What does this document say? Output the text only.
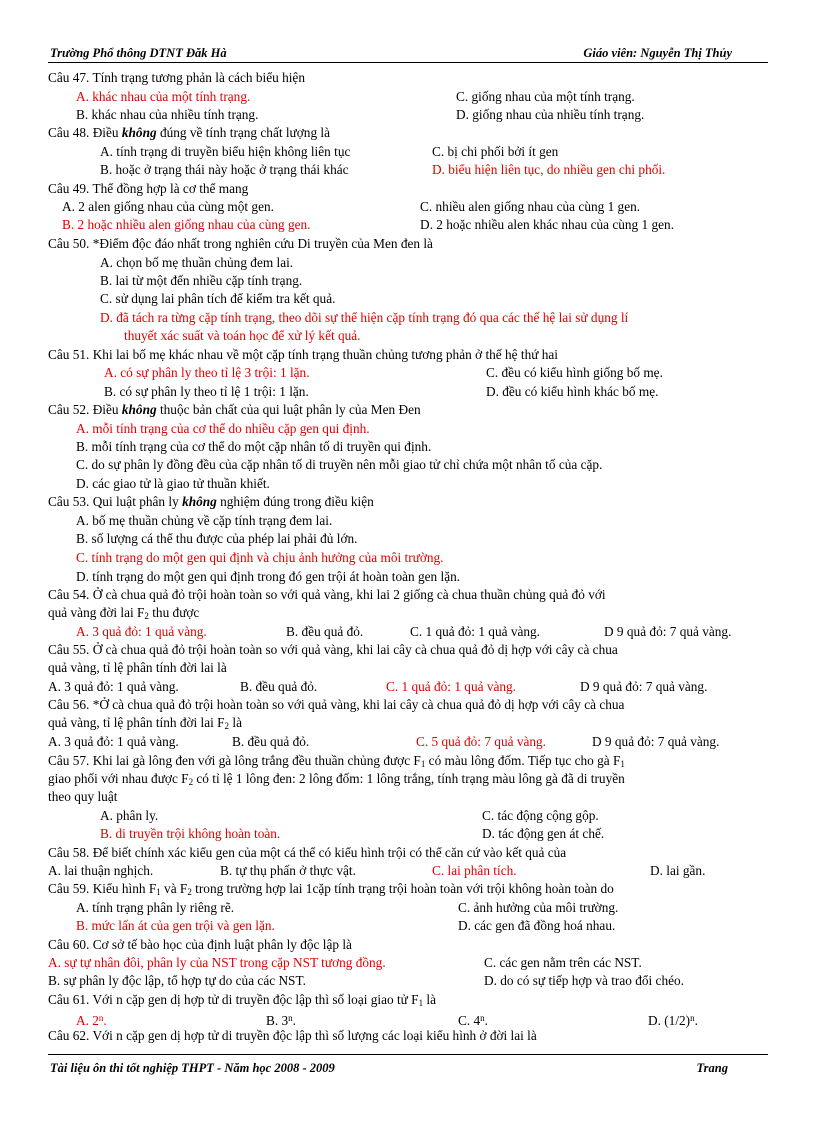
Trường Phổ thông DTNT Đăk Hà	Giáo viên: Nguyễn Thị Thủy
Câu 47. Tính trạng tương phản là cách biểu hiện
A. khác nhau của một tính trạng.	C. giống nhau của một tính trạng.
B. khác nhau của nhiều tính trạng.	D. giống nhau của nhiều tính trạng.
Câu 48. Điều không đúng về tính trạng chất lượng là
A. tính trạng di truyền biểu hiện không liên tục	C. bị chi phối bởi ít gen
B. hoặc ở trạng thái này hoặc ở trạng thái khác	D. biểu hiện liên tục, do nhiều gen chi phối.
Câu 49. Thể đồng hợp là cơ thể mang
A. 2 alen giống nhau của cùng một gen.	C. nhiều alen giống nhau của cùng 1 gen.
B. 2 hoặc nhiều alen giống nhau của cùng gen.	D. 2 hoặc nhiều alen khác nhau của cùng 1 gen.
Câu 50. *Điểm độc đáo nhất trong nghiên cứu Di truyền của Men đen là
A. chọn bố mẹ thuần chủng đem lai.
B. lai từ một đến nhiều cặp tính trạng.
C. sử dụng lai phân tích để kiểm tra kết quả.
D. đã tách ra từng cặp tính trạng, theo dõi sự thể hiện cặp tính trạng đó qua các thế hệ lai sử dụng lí
thuyết xác suất và toán học để xử lý kết quả.
Câu 51. Khi lai bố mẹ khác nhau về một cặp tính trạng thuần chủng tương phản ở thế hệ thứ hai
A. có sự phân ly theo tỉ lệ 3 trội: 1 lặn.	C. đều có kiểu hình giống bố mẹ.
B. có sự phân ly theo tỉ lệ 1 trội: 1 lặn.	D. đều có kiểu hình khác bố mẹ.
Câu 52. Điều không thuộc bản chất của qui luật phân ly của Men Đen
A. mỗi tính trạng của cơ thể do nhiều cặp gen qui định.
B. mỗi tính trạng của cơ thể do một cặp nhân tố di truyền qui định.
C. do sự phân ly đồng đều của cặp nhân tố di truyền nên mỗi giao tử chỉ chứa một nhân tố của cặp.
D. các giao tử là giao tử thuần khiết.
Câu 53. Qui luật phân ly không nghiệm đúng trong điều kiện
A. bố mẹ thuần chủng về cặp tính trạng đem lai.
B. số lượng cá thể thu được của phép lai phải đủ lớn.
C. tính trạng do một gen qui định và chịu ảnh hưởng của môi trường.
D. tính trạng do một gen qui định trong đó gen trội át hoàn toàn gen lặn.
Câu 54. Ở cà chua quả đỏ trội hoàn toàn so với quả vàng, khi lai 2 giống cà chua thuần chủng quả đỏ với
quả vàng đời lai F2 thu được
A. 3 quả đỏ: 1 quả vàng.	B. đều quả đỏ.	C. 1 quả đỏ: 1 quả vàng.	D 9 quả đỏ: 7 quả vàng.
Câu 55. Ở cà chua quả đỏ trội hoàn toàn so với quả vàng, khi lai cây cà chua quả đỏ dị hợp với cây cà chua
quả vàng, tỉ lệ phân tính đời lai là
A. 3 quả đỏ: 1 quả vàng.	B. đều quả đỏ.	C. 1 quả đỏ: 1 quả vàng.	D 9 quả đỏ: 7 quả vàng.
Câu 56. *Ở cà chua quả đỏ trội hoàn toàn so với quả vàng, khi lai cây cà chua quả đỏ dị hợp với cây cà chua
quả vàng, tỉ lệ phân tính đời lai F2 là
A. 3 quả đỏ: 1 quả vàng.	B. đều quả đỏ.	C. 5 quả đỏ: 7 quả vàng.	D 9 quả đỏ: 7 quả vàng.
Câu 57. Khi lai gà lông đen với gà lông trắng đều thuần chủng được F1 có màu lông đốm. Tiếp tục cho gà F1
giao phối với nhau được F2 có tỉ lệ 1 lông đen: 2 lông đốm: 1 lông trắng, tính trạng màu lông gà đã di truyền
theo quy luật
A. phân ly.	C. tác động cộng gộp.
B. di truyền trội không hoàn toàn.	D. tác động gen át chế.
Câu 58. Để biết chính xác kiểu gen của một cá thể có kiểu hình trội có thể căn cứ vào kết quả của
A. lai thuận nghịch.	B. tự thụ phấn ở thực vật.	C. lai phân tích.	D. lai gần.
Câu 59. Kiểu hình F1 và F2 trong trường hợp lai 1cặp tính trạng trội hoàn toàn với trội không hoàn toàn do
A. tính trạng phân ly riêng rẽ.	C. ảnh hưởng của môi trường.
B. mức lấn át của gen trội và gen lặn.	D. các gen đã đồng hoá nhau.
Câu 60. Cơ sở tế bào học của định luật phân ly độc lập là
A. sự tự nhân đôi, phân ly của NST trong cặp NST tương đồng.	C. các gen nằm trên các NST.
B. sự phân ly độc lập, tổ hợp tự do của các NST.	D. do có sự tiếp hợp và trao đổi chéo.
Câu 61. Với n cặp gen dị hợp tử di truyền độc lập thì số loại giao tử F1 là
A. 2$^n$.	B. 3$^n$.	C. 4$^n$.	D. $(1/2)^n$.
Câu 62. Với n cặp gen dị hợp tử di truyền độc lập thì số lượng các loại kiểu hình ở đời lai là
Tài liệu ôn thi tốt nghiệp THPT - Năm học 2008 - 2009	Trang
